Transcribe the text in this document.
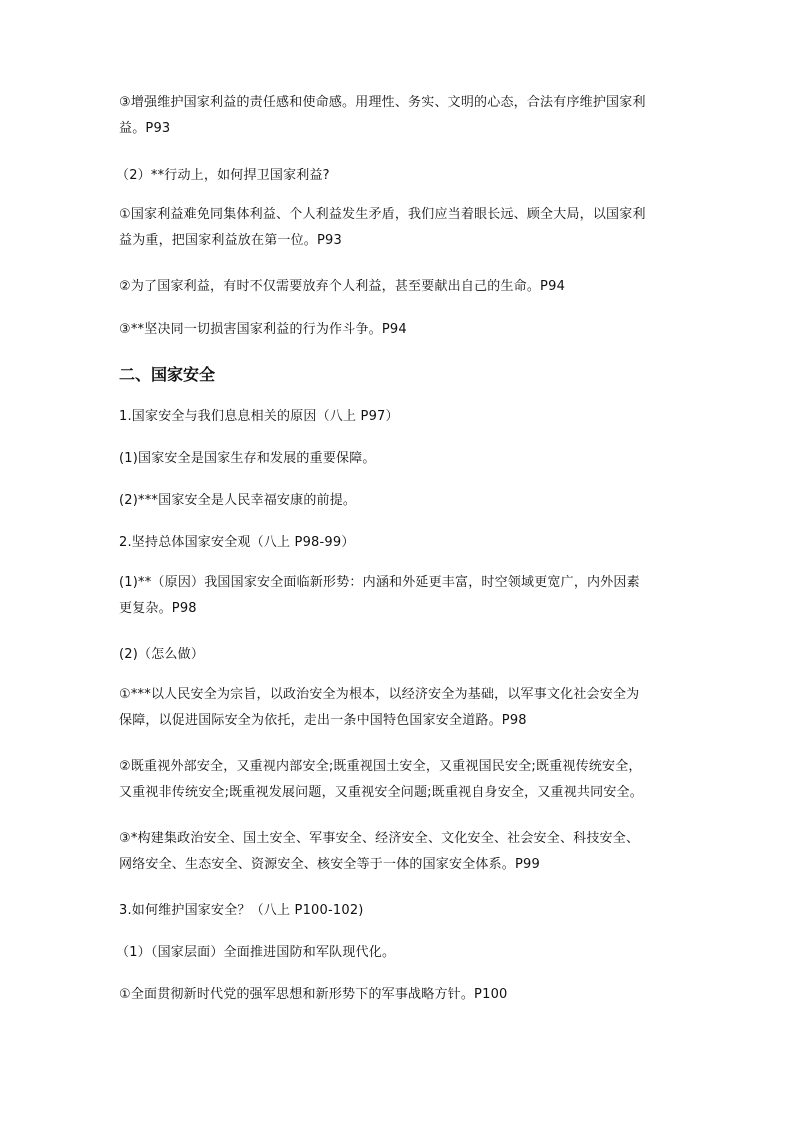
③增强维护国家利益的责任感和使命感。用理性、务实、文明的心态，合法有序维护国家利
益。P93

（2）**行动上，如何捍卫国家利益?

①国家利益难免同集体利益、个人利益发生矛盾，我们应当着眼长远、顾全大局，以国家利
益为重，把国家利益放在第一位。P93

②为了国家利益，有时不仅需要放弃个人利益，甚至要献出自己的生命。P94

③**坚决同一切损害国家利益的行为作斗争。P94

二、国家安全

1.国家安全与我们息息相关的原因（八上 P97）

(1)国家安全是国家生存和发展的重要保障。

(2)***国家安全是人民幸福安康的前提。

2.坚持总体国家安全观（八上 P98-99）

(1)**（原因）我国国家安全面临新形势：内涵和外延更丰富，时空领域更宽广，内外因素
更复杂。P98

(2)（怎么做）

①***以人民安全为宗旨，以政治安全为根本，以经济安全为基础，以军事文化社会安全为
保障，以促进国际安全为依托，走出一条中国特色国家安全道路。P98

②既重视外部安全，又重视内部安全;既重视国土安全，又重视国民安全;既重视传统安全，
又重视非传统安全;既重视发展问题，又重视安全问题;既重视自身安全，又重视共同安全。

③*构建集政治安全、国土安全、军事安全、经济安全、文化安全、社会安全、科技安全、
网络安全、生态安全、资源安全、核安全等于一体的国家安全体系。P99

3.如何维护国家安全？（八上 P100-102)

（1）（国家层面）全面推进国防和军队现代化。

①全面贯彻新时代党的强军思想和新形势下的军事战略方针。P100
